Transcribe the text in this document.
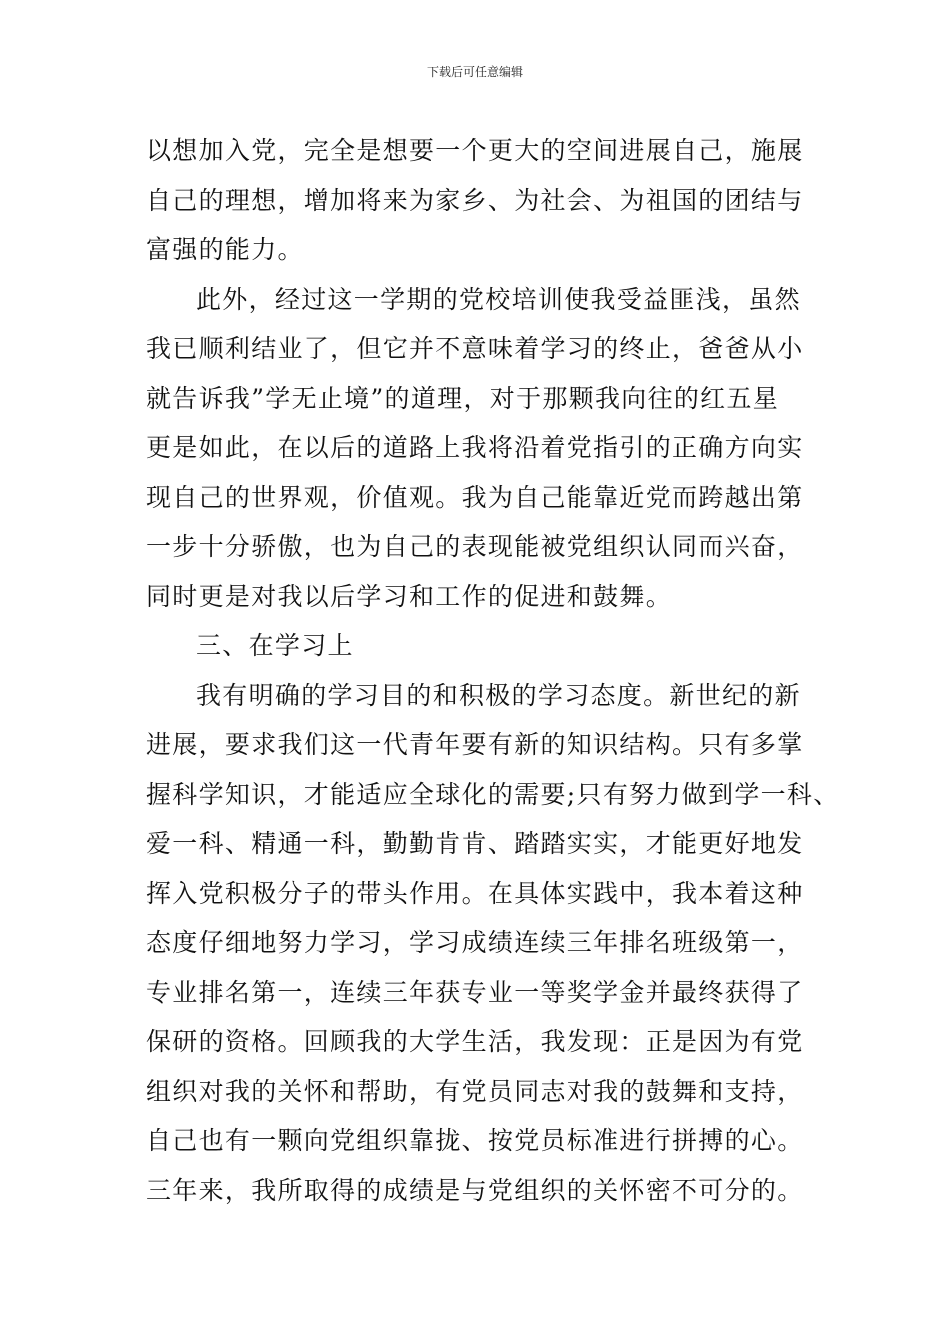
下载后可任意编辑
以想加入党，完全是想要一个更大的空间进展自己，施展
自己的理想，增加将来为家乡、为社会、为祖国的团结与
富强的能力。
此外，经过这一学期的党校培训使我受益匪浅，虽然
我已顺利结业了，但它并不意味着学习的终止，爸爸从小
就告诉我”学无止境”的道理，对于那颗我向往的红五星
更是如此，在以后的道路上我将沿着党指引的正确方向实
现自己的世界观，价值观。我为自己能靠近党而跨越出第
一步十分骄傲，也为自己的表现能被党组织认同而兴奋，
同时更是对我以后学习和工作的促进和鼓舞。
三、在学习上
我有明确的学习目的和积极的学习态度。新世纪的新
进展，要求我们这一代青年要有新的知识结构。只有多掌
握科学知识，才能适应全球化的需要;只有努力做到学一科、
爱一科、精通一科，勤勤肯肯、踏踏实实，才能更好地发
挥入党积极分子的带头作用。在具体实践中，我本着这种
态度仔细地努力学习，学习成绩连续三年排名班级第一，
专业排名第一，连续三年获专业一等奖学金并最终获得了
保研的资格。回顾我的大学生活，我发现：正是因为有党
组织对我的关怀和帮助，有党员同志对我的鼓舞和支持，
自己也有一颗向党组织靠拢、按党员标准进行拼搏的心。
三年来，我所取得的成绩是与党组织的关怀密不可分的。
